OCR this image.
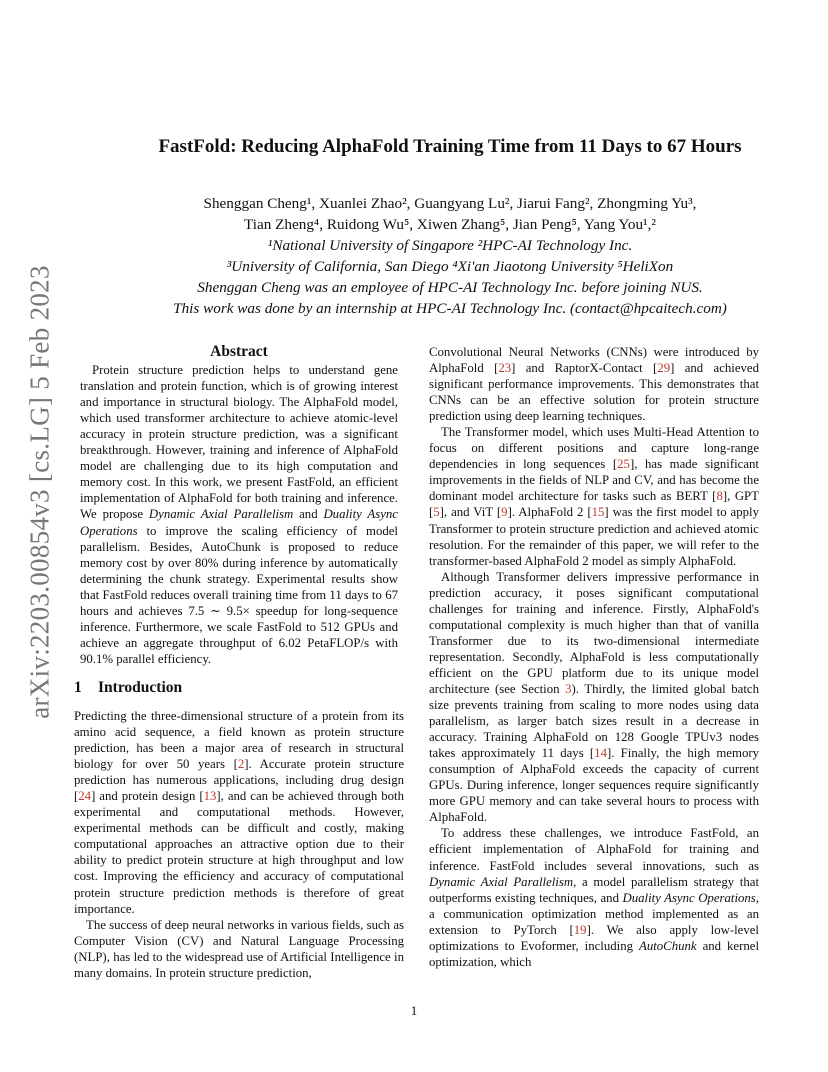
arXiv:2203.00854v3 [cs.LG] 5 Feb 2023
FastFold: Reducing AlphaFold Training Time from 11 Days to 67 Hours
Shenggan Cheng¹, Xuanlei Zhao², Guangyang Lu², Jiarui Fang², Zhongming Yu³,
Tian Zheng⁴, Ruidong Wu⁵, Xiwen Zhang⁵, Jian Peng⁵, Yang You¹,²
¹National University of Singapore ²HPC-AI Technology Inc.
³University of California, San Diego ⁴Xi'an Jiaotong University ⁵HeliXon
Shenggan Cheng was an employee of HPC-AI Technology Inc. before joining NUS.
This work was done by an internship at HPC-AI Technology Inc. (contact@hpcaitech.com)
Abstract

Protein structure prediction helps to understand gene translation and protein function, which is of growing interest and importance in structural biology. The AlphaFold model, which used transformer architecture to achieve atomic-level accuracy in protein structure prediction, was a significant breakthrough. However, training and inference of AlphaFold model are challenging due to its high computation and memory cost. In this work, we present FastFold, an efficient implementation of AlphaFold for both training and inference. We propose Dynamic Axial Parallelism and Duality Async Operations to improve the scaling efficiency of model parallelism. Besides, AutoChunk is proposed to reduce memory cost by over 80% during inference by automatically determining the chunk strategy. Experimental results show that FastFold reduces overall training time from 11 days to 67 hours and achieves 7.5 ∼ 9.5× speedup for long-sequence inference. Furthermore, we scale FastFold to 512 GPUs and achieve an aggregate throughput of 6.02 PetaFLOP/s with 90.1% parallel efficiency.

1 Introduction

Predicting the three-dimensional structure of a protein from its amino acid sequence, a field known as protein structure prediction, has been a major area of research in structural biology for over 50 years [2]. Accurate protein structure prediction has numerous applications, including drug design [24] and protein design [13], and can be achieved through both experimental and computational methods. However, experimental methods can be difficult and costly, making computational approaches an attractive option due to their ability to predict protein structure at high throughput and low cost. Improving the efficiency and accuracy of computational protein structure prediction methods is therefore of great importance.

The success of deep neural networks in various fields, such as Computer Vision (CV) and Natural Language Processing (NLP), has led to the widespread use of Artificial Intelligence in many domains. In protein structure prediction,

Convolutional Neural Networks (CNNs) were introduced by AlphaFold [23] and RaptorX-Contact [29] and achieved significant performance improvements. This demonstrates that CNNs can be an effective solution for protein structure prediction using deep learning techniques.

The Transformer model, which uses Multi-Head Attention to focus on different positions and capture long-range dependencies in long sequences [25], has made significant improvements in the fields of NLP and CV, and has become the dominant model architecture for tasks such as BERT [8], GPT [5], and ViT [9]. AlphaFold 2 [15] was the first model to apply Transformer to protein structure prediction and achieved atomic resolution. For the remainder of this paper, we will refer to the transformer-based AlphaFold 2 model as simply AlphaFold.

Although Transformer delivers impressive performance in prediction accuracy, it poses significant computational challenges for training and inference. Firstly, AlphaFold's computational complexity is much higher than that of vanilla Transformer due to its two-dimensional intermediate representation. Secondly, AlphaFold is less computationally efficient on the GPU platform due to its unique model architecture (see Section 3). Thirdly, the limited global batch size prevents training from scaling to more nodes using data parallelism, as larger batch sizes result in a decrease in accuracy. Training AlphaFold on 128 Google TPUv3 nodes takes approximately 11 days [14]. Finally, the high memory consumption of AlphaFold exceeds the capacity of current GPUs. During inference, longer sequences require significantly more GPU memory and can take several hours to process with AlphaFold.

To address these challenges, we introduce FastFold, an efficient implementation of AlphaFold for training and inference. FastFold includes several innovations, such as Dynamic Axial Parallelism, a model parallelism strategy that outperforms existing techniques, and Duality Async Operations, a communication optimization method implemented as an extension to PyTorch [19]. We also apply low-level optimizations to Evoformer, including AutoChunk and kernel optimization, which

1
